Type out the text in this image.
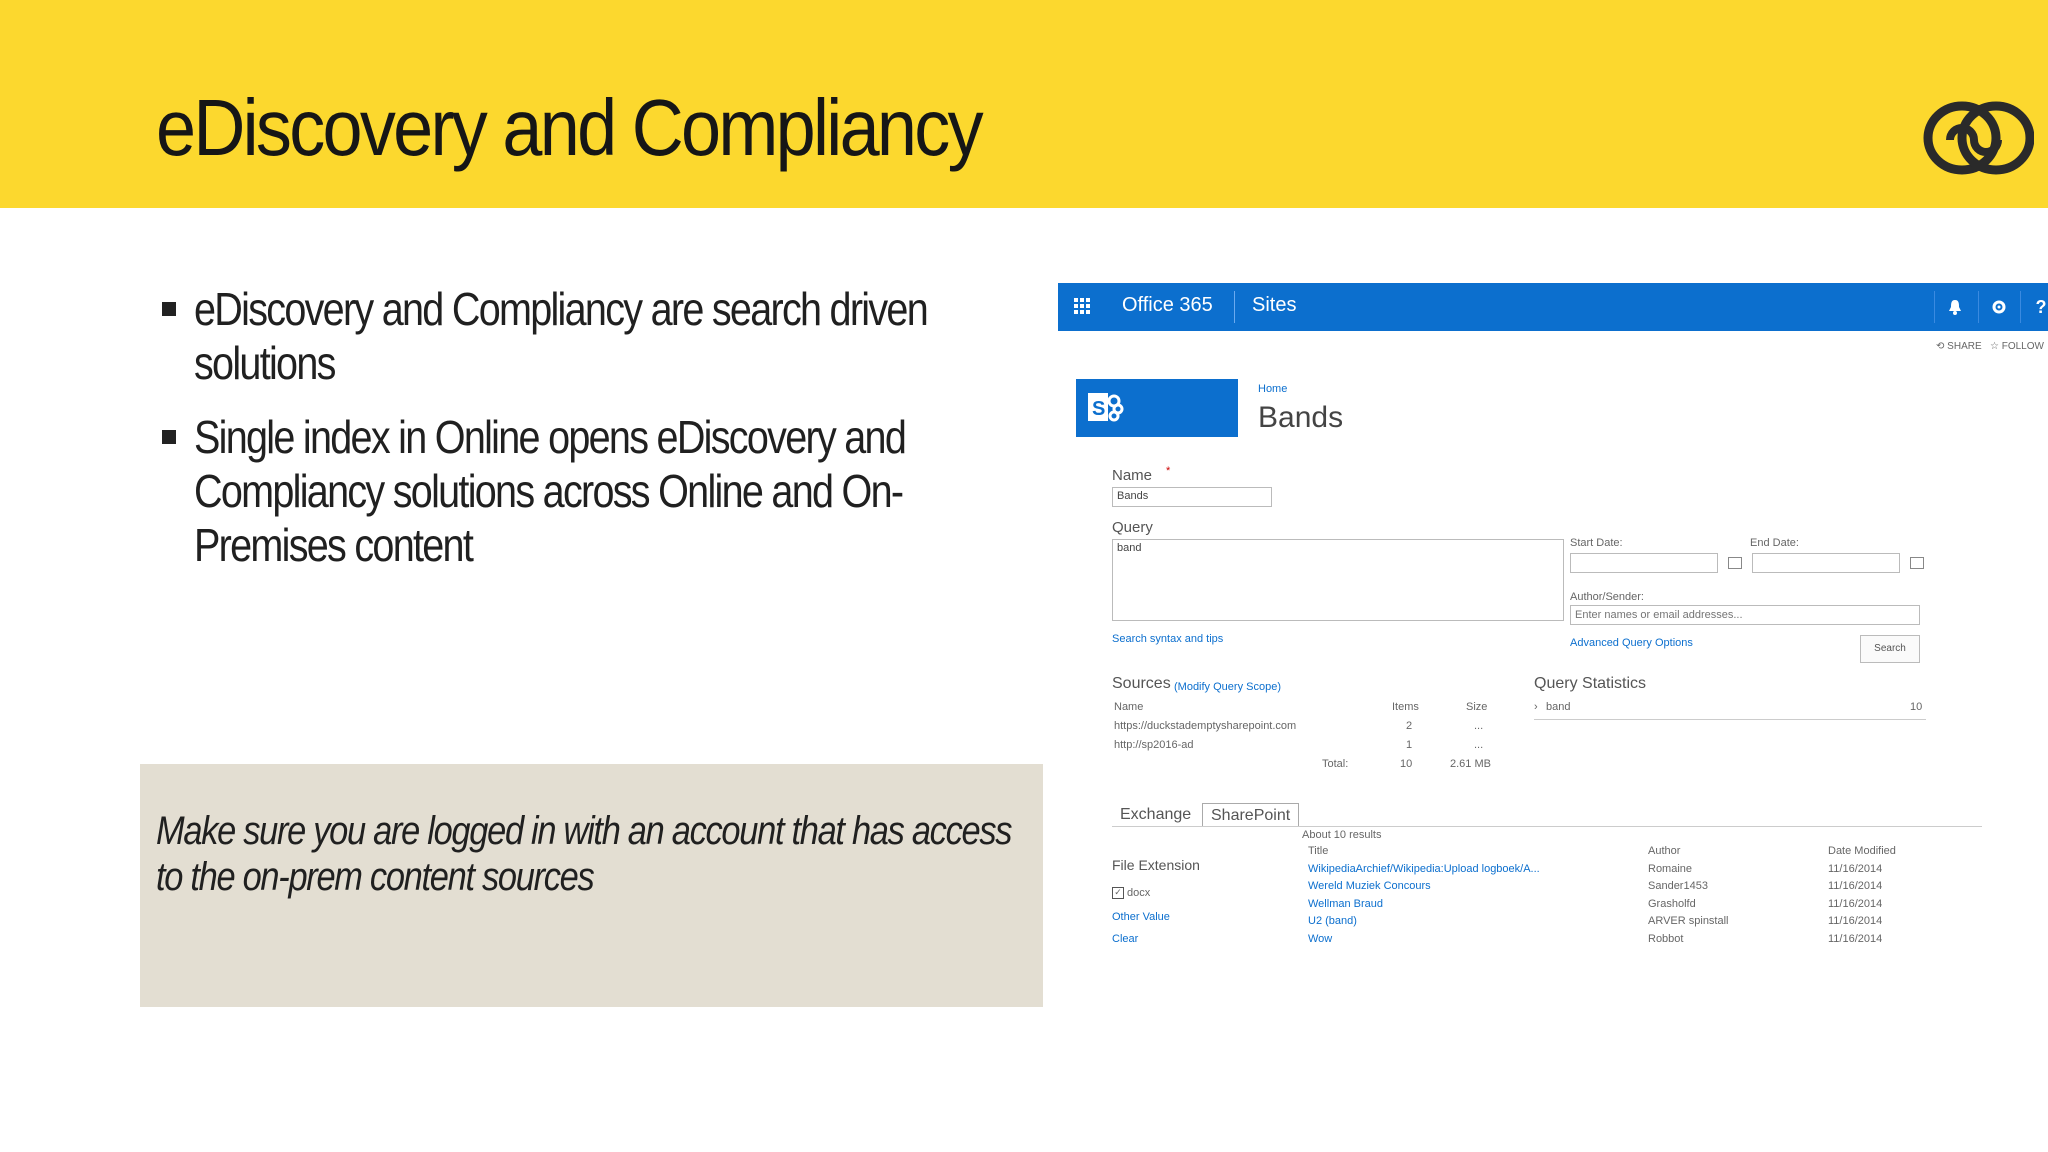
eDiscovery and Compliancy
eDiscovery and Compliancy are search driven solutions
Single index in Online opens eDiscovery and Compliancy solutions across Online and On-Premises content

Make sure you are logged in with an account that has access to the on-prem content sources

Office 365 Sites	?
⟲ SHARE ☆ FOLLOW
S
Home
Bands
Name *
Bands
Query
band
Search syntax and tips
Start Date:	End Date:
Author/Sender:
Enter names or email addresses...
Advanced Query Options	Search
Sources (Modify Query Scope)
Name	Items	Size
https://duckstademptysharepoint.com	2	...
http://sp2016-ad	1	...
Total:	10	2.61 MB
Query Statistics
› band	10
Exchange	SharePoint
About 10 results
File Extension
✓ docx
Other Value
Clear
Title	Author	Date Modified
WikipediaArchief/Wikipedia:Upload logboek/A...	Romaine	11/16/2014
Wereld Muziek Concours	Sander1453	11/16/2014
Wellman Braud	Grasholfd	11/16/2014
U2 (band)	ARVER spinstall	11/16/2014
Wow	Robbot	11/16/2014
